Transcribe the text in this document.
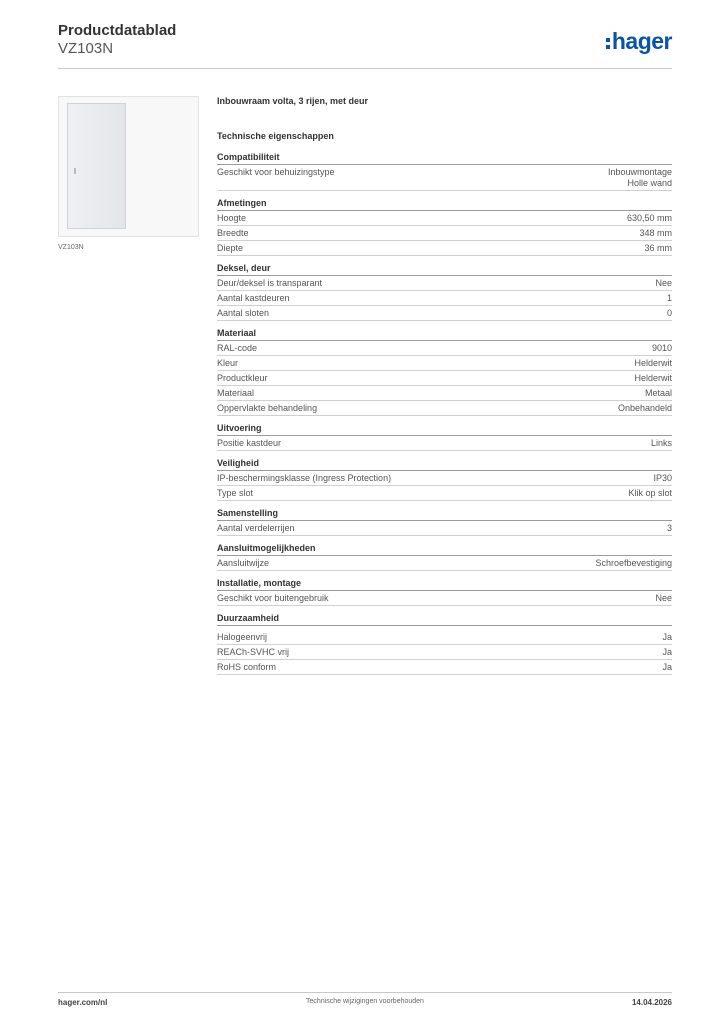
Productdatablad
VZ103N	hager
VZ103N
Inbouwraam volta, 3 rijen, met deur
Technische eigenschappen
Compatibiliteit
Geschikt voor behuizingstype	Inbouwmontage
Holle wand
Afmetingen
Hoogte	630,50 mm
Breedte	348 mm
Diepte	36 mm
Deksel, deur
Deur/deksel is transparant	Nee
Aantal kastdeuren	1
Aantal sloten	0
Materiaal
RAL-code	9010
Kleur	Helderwit
Productkleur	Helderwit
Materiaal	Metaal
Oppervlakte behandeling	Onbehandeld
Uitvoering
Positie kastdeur	Links
Veiligheid
IP-beschermingsklasse (Ingress Protection)	IP30
Type slot	Klik op slot
Samenstelling
Aantal verdelerrijen	3
Aansluitmogelijkheden
Aansluitwijze	Schroefbevestiging
Installatie, montage
Geschikt voor buitengebruik	Nee
Duurzaamheid
Halogeenvrij	Ja
REACh-SVHC vrij	Ja
RoHS conform	Ja
hager.com/nl	Technische wijzigingen voorbehouden	14.04.2026
